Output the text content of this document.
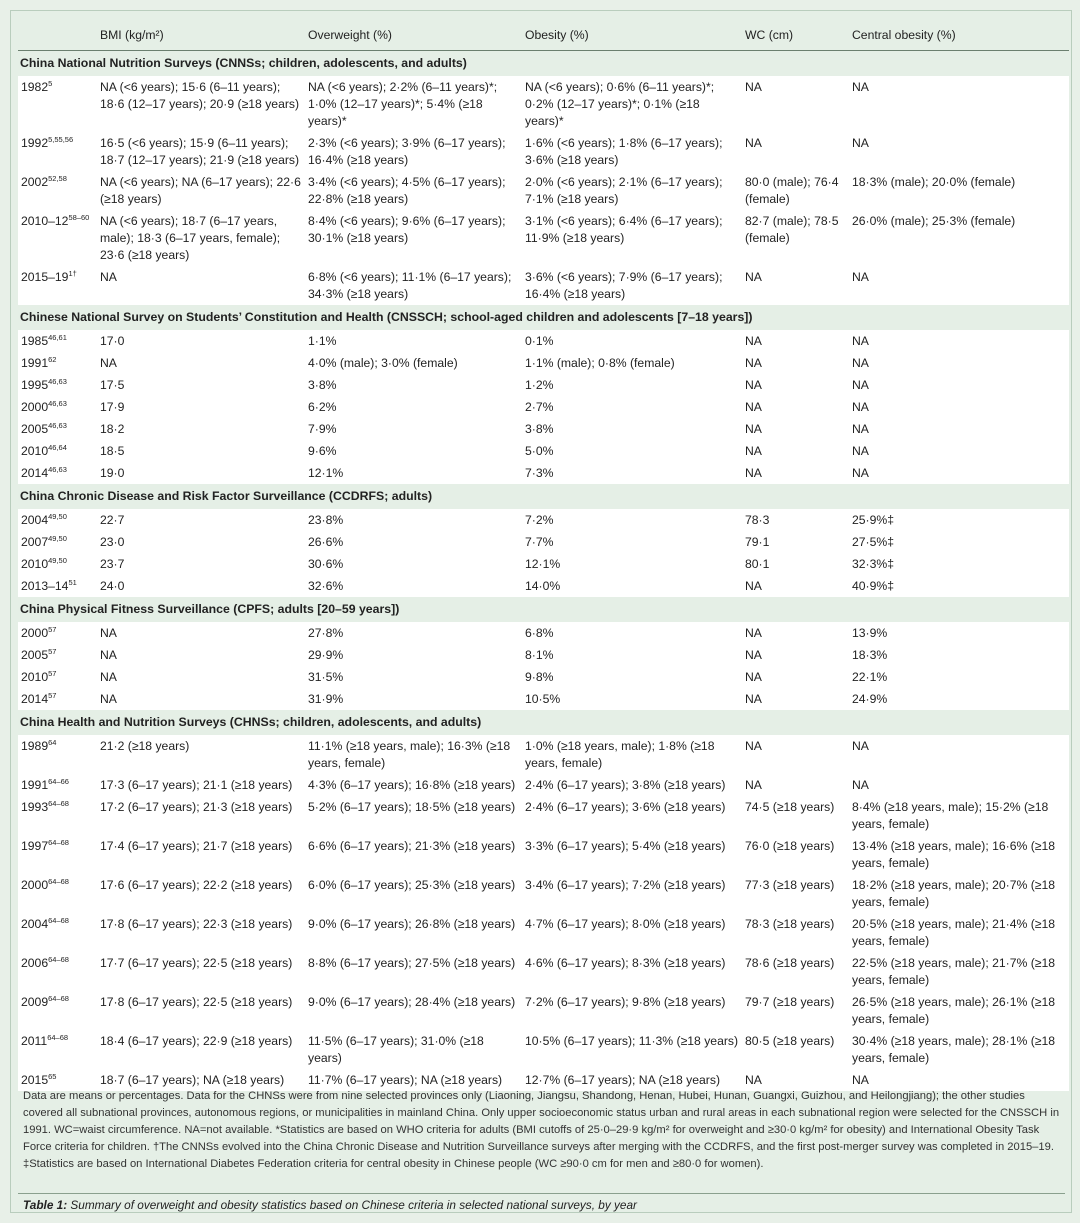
	BMI (kg/m²)	Overweight (%)	Obesity (%)	WC (cm)	Central obesity (%)
China National Nutrition Surveys (CNNSs; children, adolescents, and adults)					
1982$^5$	NA (<6 years); 15·6 (6–11 years); 18·6 (12–17 years); 20·9 (≥18 years)	NA (<6 years); 2·2% (6–11 years)*; 1·0% (12–17 years)*; 5·4% (≥18 years)*	NA (<6 years); 0·6% (6–11 years)*; 0·2% (12–17 years)*; 0·1% (≥18 years)*	NA	NA
1992$^{5,55,56}$	16·5 (<6 years); 15·9 (6–11 years); 18·7 (12–17 years); 21·9 (≥18 years)	2·3% (<6 years); 3·9% (6–17 years); 16·4% (≥18 years)	1·6% (<6 years); 1·8% (6–17 years); 3·6% (≥18 years)	NA	NA
2002$^{52,58}$	NA (<6 years); NA (6–17 years); 22·6 (≥18 years)	3·4% (<6 years); 4·5% (6–17 years); 22·8% (≥18 years)	2·0% (<6 years); 2·1% (6–17 years); 7·1% (≥18 years)	80·0 (male); 76·4 (female)	18·3% (male); 20·0% (female)
2010–12$^{58-60}$	NA (<6 years); 18·7 (6–17 years, male); 18·3 (6–17 years, female); 23·6 (≥18 years)	8·4% (<6 years); 9·6% (6–17 years); 30·1% (≥18 years)	3·1% (<6 years); 6·4% (6–17 years); 11·9% (≥18 years)	82·7 (male); 78·5 (female)	26·0% (male); 25·3% (female)
$2015-19^{1\dagger}$	NA	6·8% (<6 years); 11·1% (6–17 years); 34·3% (≥18 years)	3·6% (<6 years); 7·9% (6–17 years); 16·4% (≥18 years)	NA	NA
Chinese National Survey on Students’ Constitution and Health (CNSSCH; school-aged children and adolescents [7–18 years])					
1985$^{46,61}$	17·0	1·1%	0·1%	NA	NA
1991$^{62}$	NA	4·0% (male); 3·0% (female)	1·1% (male); 0·8% (female)	NA	NA
1995$^{46,63}$	17·5	3·8%	1·2%	NA	NA
2000$^{46,63}$	17·9	6·2%	2·7%	NA	NA
2005$^{46,63}$	18·2	7·9%	3·8%	NA	NA
2010$^{46,64}$	18·5	9·6%	5·0%	NA	NA
2014$^{46,63}$	19·0	12·1%	7·3%	NA	NA
China Chronic Disease and Risk Factor Surveillance (CCDRFS; adults)					
2004$^{49,50}$	22·7	23·8%	7·2%	78·3	25·9%‡
2007$^{49,50}$	23·0	26·6%	7·7%	79·1	27·5%‡
2010$^{49,50}$	23·7	30·6%	12·1%	80·1	32·3%‡
$2013-14^{51}$	24·0	32·6%	14·0%	NA	40·9%‡
China Physical Fitness Surveillance (CPFS; adults [20–59 years])					
2000$^{57}$	NA	27·8%	6·8%	NA	13·9%
2005$^{57}$	NA	29·9%	8·1%	NA	18·3%
2010$^{57}$	NA	31·5%	9·8%	NA	22·1%
2014$^{57}$	NA	31·9%	10·5%	NA	24·9%
China Health and Nutrition Surveys (CHNSs; children, adolescents, and adults)					
1989$^{64}$	21·2 (≥18 years)	11·1% (≥18 years, male); 16·3% (≥18 years, female)	1·0% (≥18 years, male); 1·8% (≥18 years, female)	NA	NA
1991$^{64-66}$	17·3 (6–17 years); 21·1 (≥18 years)	4·3% (6–17 years); 16·8% (≥18 years)	2·4% (6–17 years); 3·8% (≥18 years)	NA	NA
1993$^{64-68}$	17·2 (6–17 years); 21·3 (≥18 years)	5·2% (6–17 years); 18·5% (≥18 years)	2·4% (6–17 years); 3·6% (≥18 years)	74·5 (≥18 years)	8·4% (≥18 years, male); 15·2% (≥18 years, female)
1997$^{64-68}$	17·4 (6–17 years); 21·7 (≥18 years)	6·6% (6–17 years); 21·3% (≥18 years)	3·3% (6–17 years); 5·4% (≥18 years)	76·0 (≥18 years)	13·4% (≥18 years, male); 16·6% (≥18 years, female)
2000$^{64-68}$	17·6 (6–17 years); 22·2 (≥18 years)	6·0% (6–17 years); 25·3% (≥18 years)	3·4% (6–17 years); 7·2% (≥18 years)	77·3 (≥18 years)	18·2% (≥18 years, male); 20·7% (≥18 years, female)
2004$^{64-68}$	17·8 (6–17 years); 22·3 (≥18 years)	9·0% (6–17 years); 26·8% (≥18 years)	4·7% (6–17 years); 8·0% (≥18 years)	78·3 (≥18 years)	20·5% (≥18 years, male); 21·4% (≥18 years, female)
2006$^{64-68}$	17·7 (6–17 years); 22·5 (≥18 years)	8·8% (6–17 years); 27·5% (≥18 years)	4·6% (6–17 years); 8·3% (≥18 years)	78·6 (≥18 years)	22·5% (≥18 years, male); 21·7% (≥18 years, female)
2009$^{64-68}$	17·8 (6–17 years); 22·5 (≥18 years)	9·0% (6–17 years); 28·4% (≥18 years)	7·2% (6–17 years); 9·8% (≥18 years)	79·7 (≥18 years)	26·5% (≥18 years, male); 26·1% (≥18 years, female)
2011$^{64-68}$	18·4 (6–17 years); 22·9 (≥18 years)	11·5% (6–17 years); 31·0% (≥18 years)	10·5% (6–17 years); 11·3% (≥18 years)	80·5 (≥18 years)	30·4% (≥18 years, male); 28·1% (≥18 years, female)
2015$^{65}$	18·7 (6–17 years); NA (≥18 years)	11·7% (6–17 years); NA (≥18 years)	12·7% (6–17 years); NA (≥18 years)	NA	NA

Data are means or percentages. Data for the CHNSs were from nine selected provinces only (Liaoning, Jiangsu, Shandong, Henan, Hubei, Hunan, Guangxi, Guizhou, and Heilongjiang); the other studies covered all subnational provinces, autonomous regions, or municipalities in mainland China. Only upper socioeconomic status urban and rural areas in each subnational region were selected for the CNSSCH in 1991. WC=waist circumference. NA=not available. *Statistics are based on WHO criteria for adults (BMI cutoffs of 25·0–29·9 kg/m² for overweight and ≥30·0 kg/m² for obesity) and International Obesity Task Force criteria for children. †The CNNSs evolved into the China Chronic Disease and Nutrition Surveillance surveys after merging with the CCDRFS, and the first post-merger survey was completed in 2015–19. ‡Statistics are based on International Diabetes Federation criteria for central obesity in Chinese people (WC ≥90·0 cm for men and ≥80·0 for women).

Table 1: Summary of overweight and obesity statistics based on Chinese criteria in selected national surveys, by year
